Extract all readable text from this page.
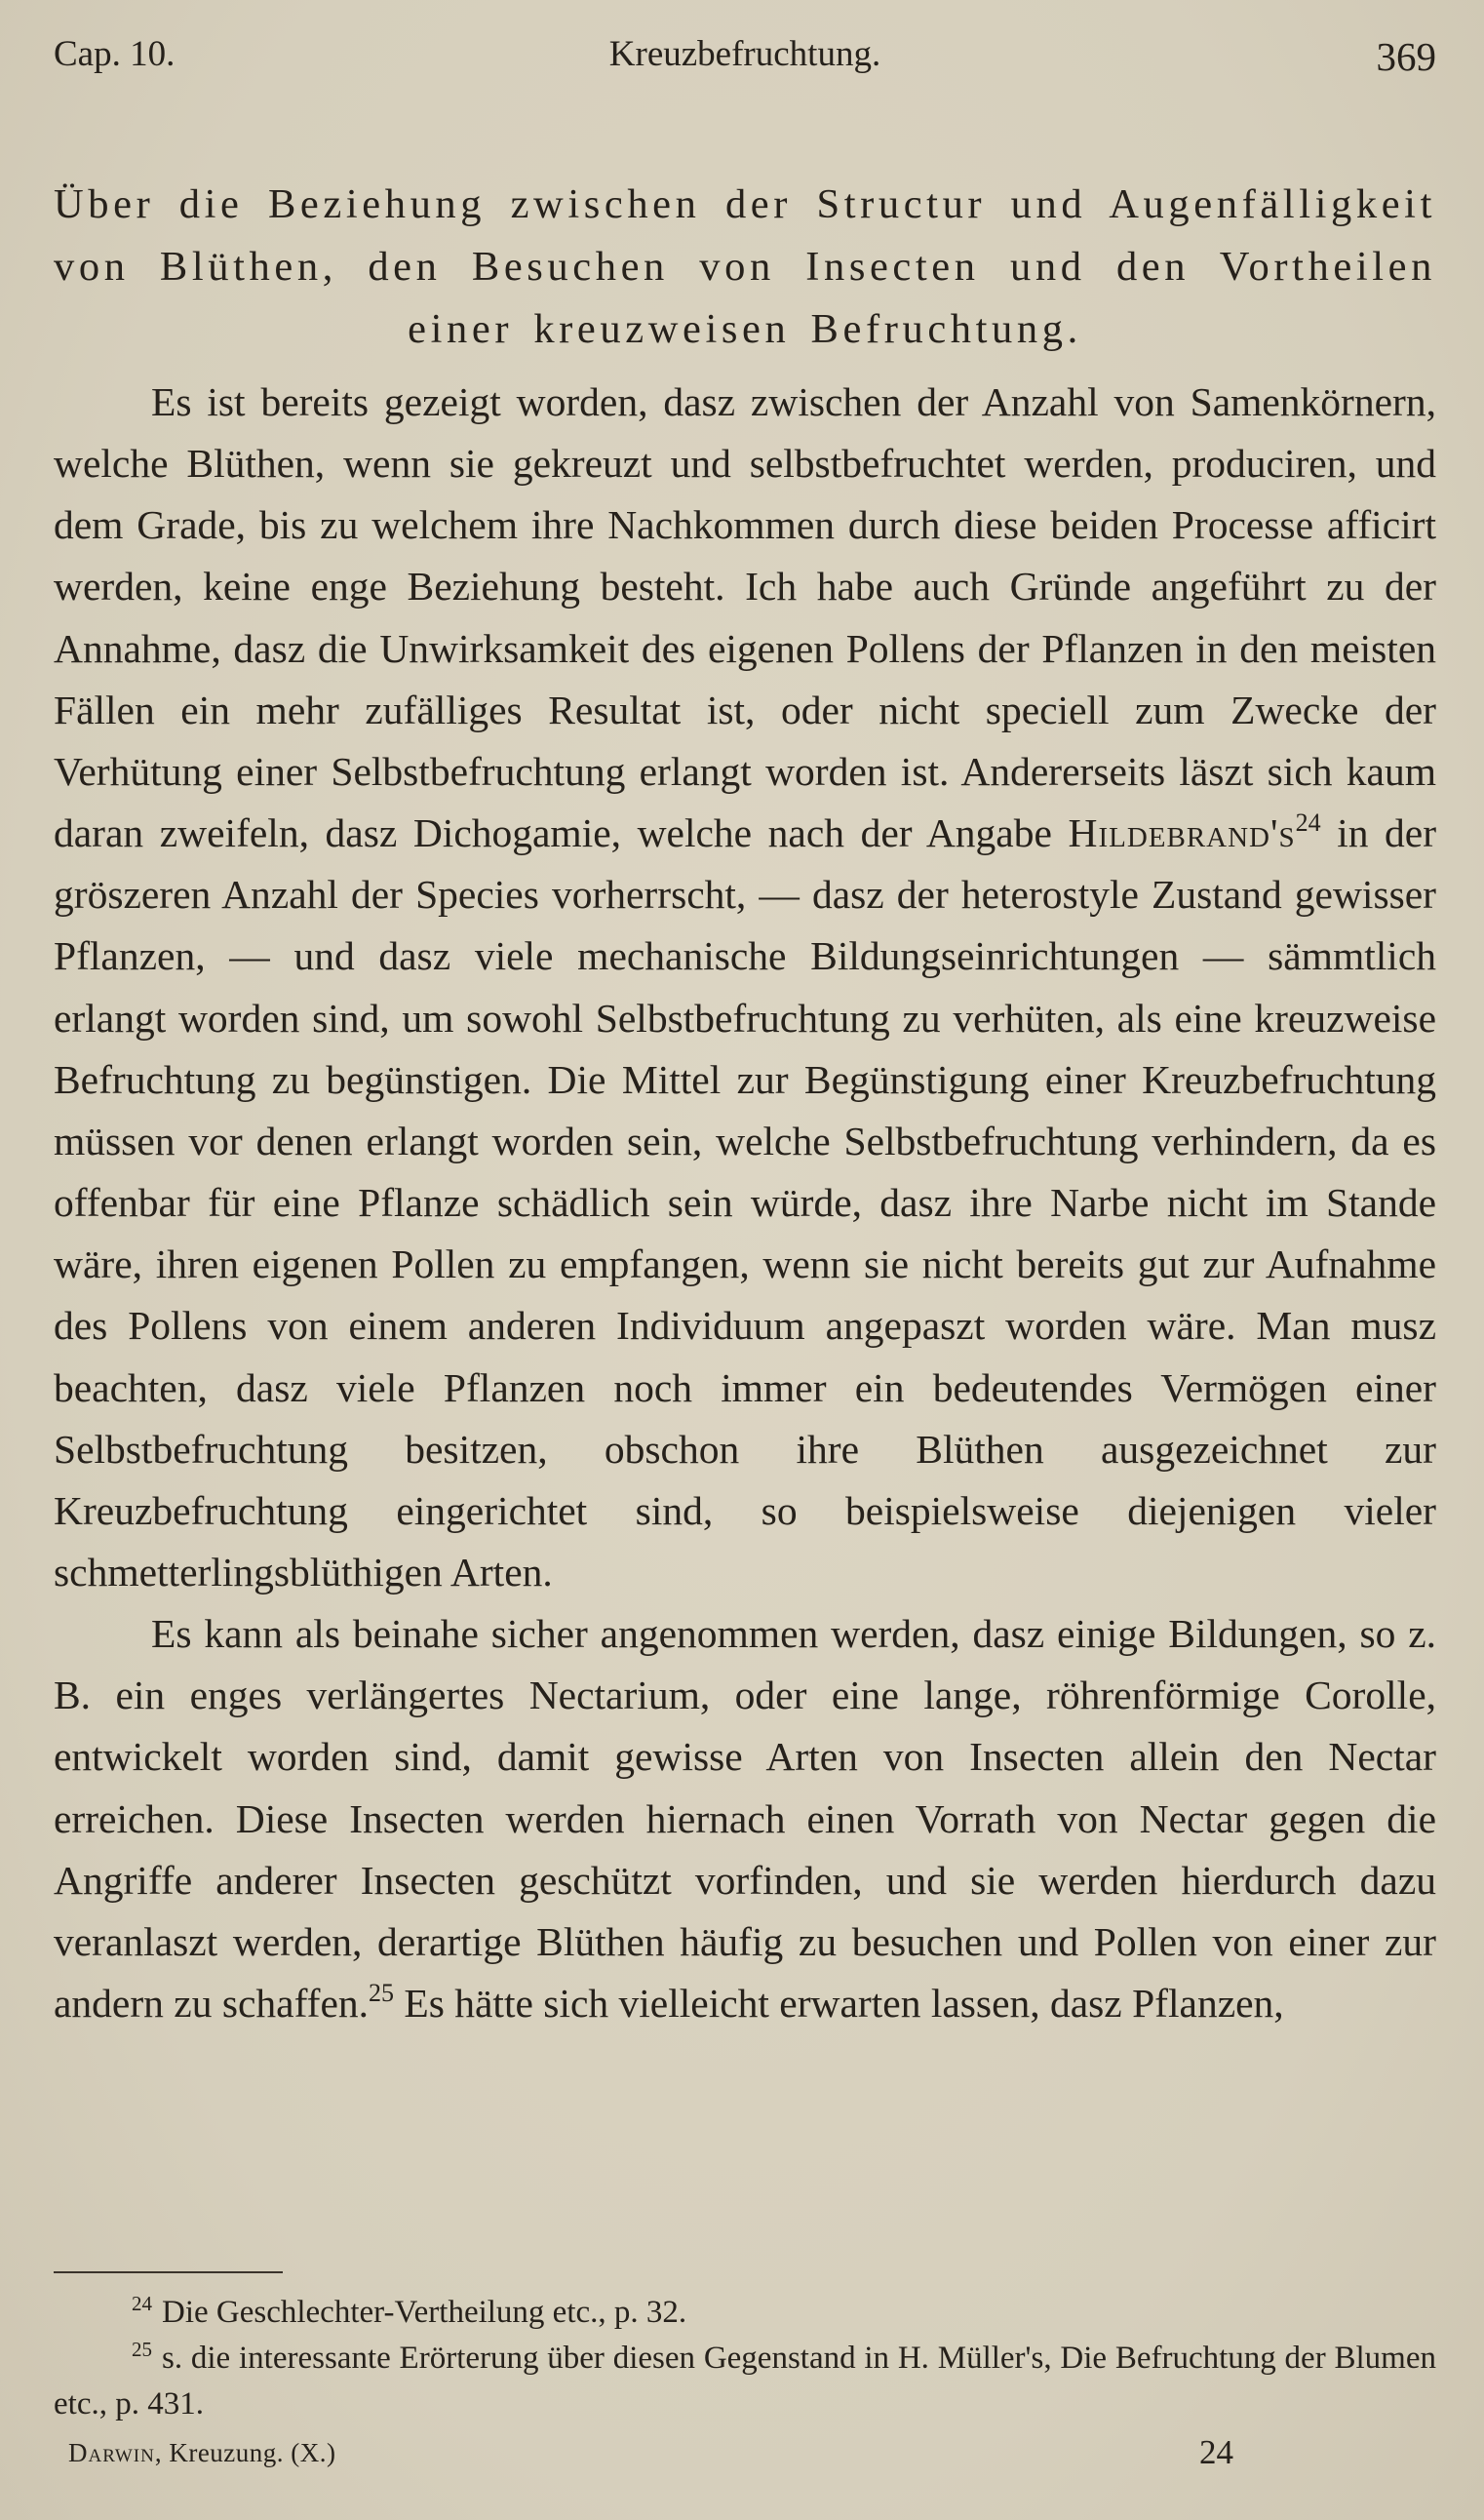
Cap. 10.	Kreuzbefruchtung.	369
Über die Beziehung zwischen der Structur und Augenfälligkeit von Blüthen, den Besuchen von Insecten und den Vortheilen einer kreuzweisen Befruchtung.

Es ist bereits gezeigt worden, dasz zwischen der Anzahl von Samenkörnern, welche Blüthen, wenn sie gekreuzt und selbstbefruchtet werden, produciren, und dem Grade, bis zu welchem ihre Nachkommen durch diese beiden Processe afficirt werden, keine enge Beziehung besteht. Ich habe auch Gründe angeführt zu der Annahme, dasz die Unwirksamkeit des eigenen Pollens der Pflanzen in den meisten Fällen ein mehr zufälliges Resultat ist, oder nicht speciell zum Zwecke der Verhütung einer Selbstbefruchtung erlangt worden ist. Andererseits läszt sich kaum daran zweifeln, dasz Dichogamie, welche nach der Angabe $Hildebrand's^{24}$ in der gröszeren Anzahl der Species vorherrscht, — dasz der heterostyle Zustand gewisser Pflanzen, — und dasz viele mechanische Bildungseinrichtungen — sämmtlich erlangt worden sind, um sowohl Selbstbefruchtung zu verhüten, als eine kreuzweise Befruchtung zu begünstigen. Die Mittel zur Begünstigung einer Kreuzbefruchtung müssen vor denen erlangt worden sein, welche Selbstbefruchtung verhindern, da es offenbar für eine Pflanze schädlich sein würde, dasz ihre Narbe nicht im Stande wäre, ihren eigenen Pollen zu empfangen, wenn sie nicht bereits gut zur Aufnahme des Pollens von einem anderen Individuum angepaszt worden wäre. Man musz beachten, dasz viele Pflanzen noch immer ein bedeutendes Vermögen einer Selbstbefruchtung besitzen, obschon ihre Blüthen ausgezeichnet zur Kreuzbefruchtung eingerichtet sind, so beispielsweise diejenigen vieler schmetterlingsblüthigen Arten.

Es kann als beinahe sicher angenommen werden, dasz einige Bildungen, so z. B. ein enges verlängertes Nectarium, oder eine lange, röhrenförmige Corolle, entwickelt worden sind, damit gewisse Arten von Insecten allein den Nectar erreichen. Diese Insecten werden hiernach einen Vorrath von Nectar gegen die Angriffe anderer Insecten geschützt vorfinden, und sie werden hierdurch dazu veranlaszt werden, derartige Blüthen häufig zu besuchen und Pollen von einer zur andern zu schaffen.$^{25}$ Es hätte sich vielleicht erwarten lassen, dasz Pflanzen,

$^{24}$ Die Geschlechter-Vertheilung etc., p. 32.

$^{25}$ s. die interessante Erörterung über diesen Gegenstand in H. Müller's, Die Befruchtung der Blumen etc., p. 431.

Darwin, Kreuzung. (X.)	24
